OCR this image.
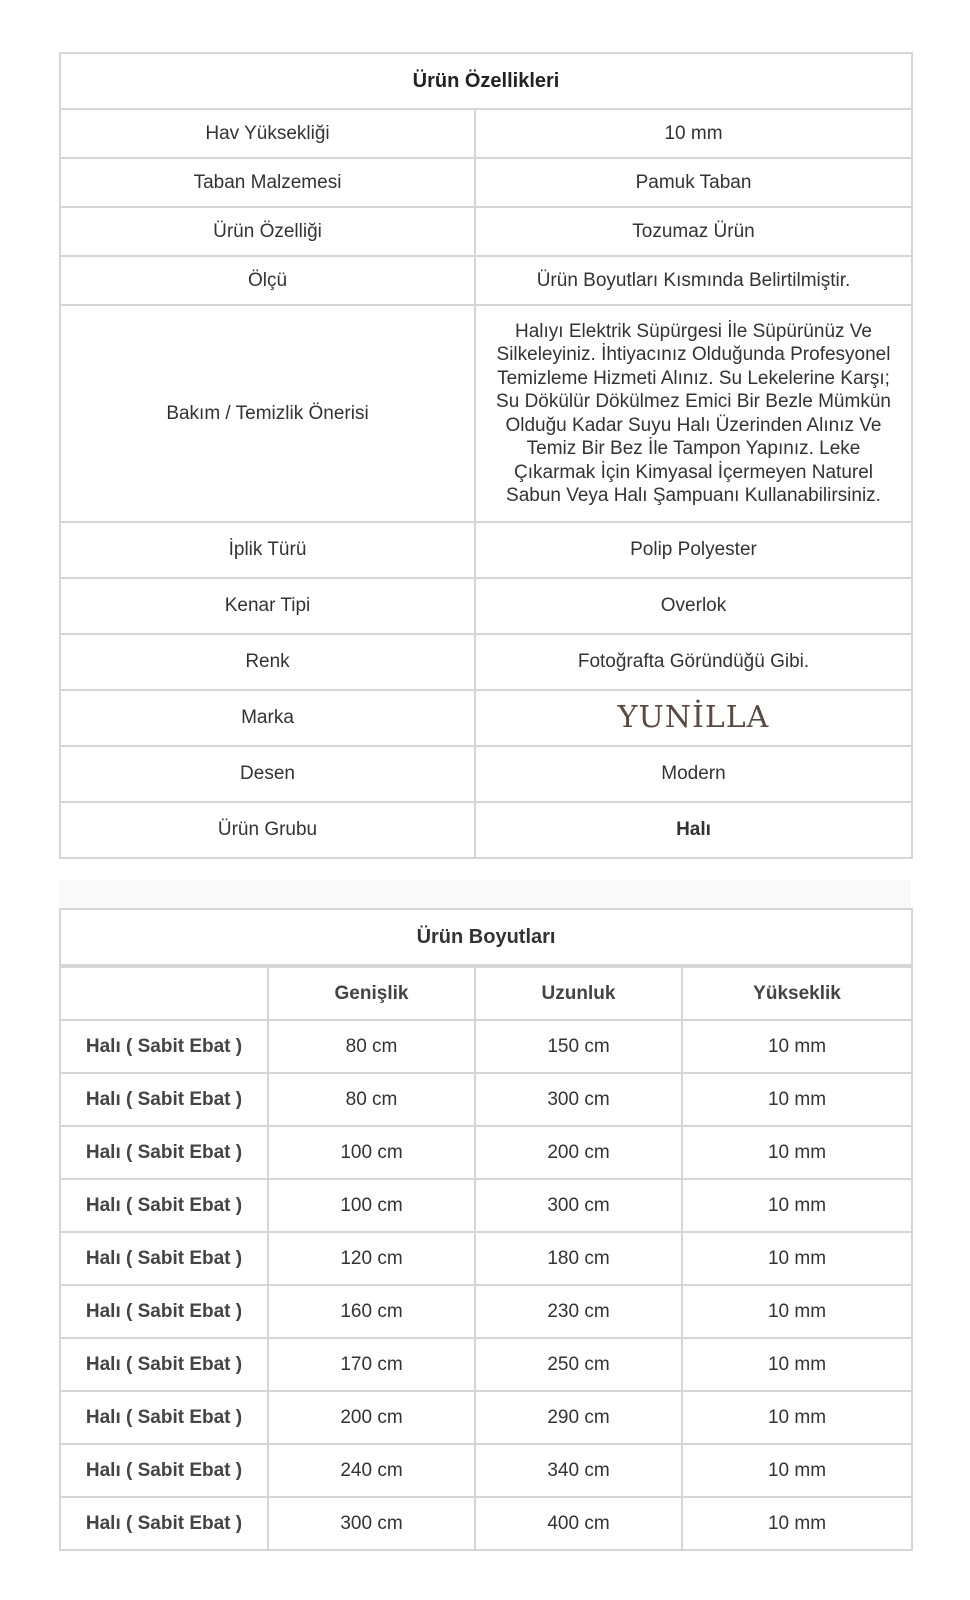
Ürün Özellikleri	
Hav Yüksekliği	10 mm
Taban Malzemesi	Pamuk Taban
Ürün Özelliği	Tozumaz Ürün
Ölçü	Ürün Boyutları Kısmında Belirtilmiştir.
Bakım / Temizlik Önerisi	Halıyı Elektrik Süpürgesi İle Süpürünüz Ve Silkeleyiniz. İhtiyacınız Olduğunda Profesyonel Temizleme Hizmeti Alınız. Su Lekelerine Karşı; Su Dökülür Dökülmez Emici Bir Bezle Mümkün Olduğu Kadar Suyu Halı Üzerinden Alınız Ve Temiz Bir Bez İle Tampon Yapınız. Leke Çıkarmak İçin Kimyasal İçermeyen Naturel Sabun Veya Halı Şampuanı Kullanabilirsiniz.
İplik Türü	Polip Polyester
Kenar Tipi	Overlok
Renk	Fotoğrafta Göründüğü Gibi.
Marka	YUNİLLA
Desen	Modern
Ürün Grubu	Halı
Ürün Boyutları			
	Genişlik	Uzunluk	Yükseklik
Halı ( Sabit Ebat )	80 cm	150 cm	10 mm
Halı ( Sabit Ebat )	80 cm	300 cm	10 mm
Halı ( Sabit Ebat )	100 cm	200 cm	10 mm
Halı ( Sabit Ebat )	100 cm	300 cm	10 mm
Halı ( Sabit Ebat )	120 cm	180 cm	10 mm
Halı ( Sabit Ebat )	160 cm	230 cm	10 mm
Halı ( Sabit Ebat )	170 cm	250 cm	10 mm
Halı ( Sabit Ebat )	200 cm	290 cm	10 mm
Halı ( Sabit Ebat )	240 cm	340 cm	10 mm
Halı ( Sabit Ebat )	300 cm	400 cm	10 mm
